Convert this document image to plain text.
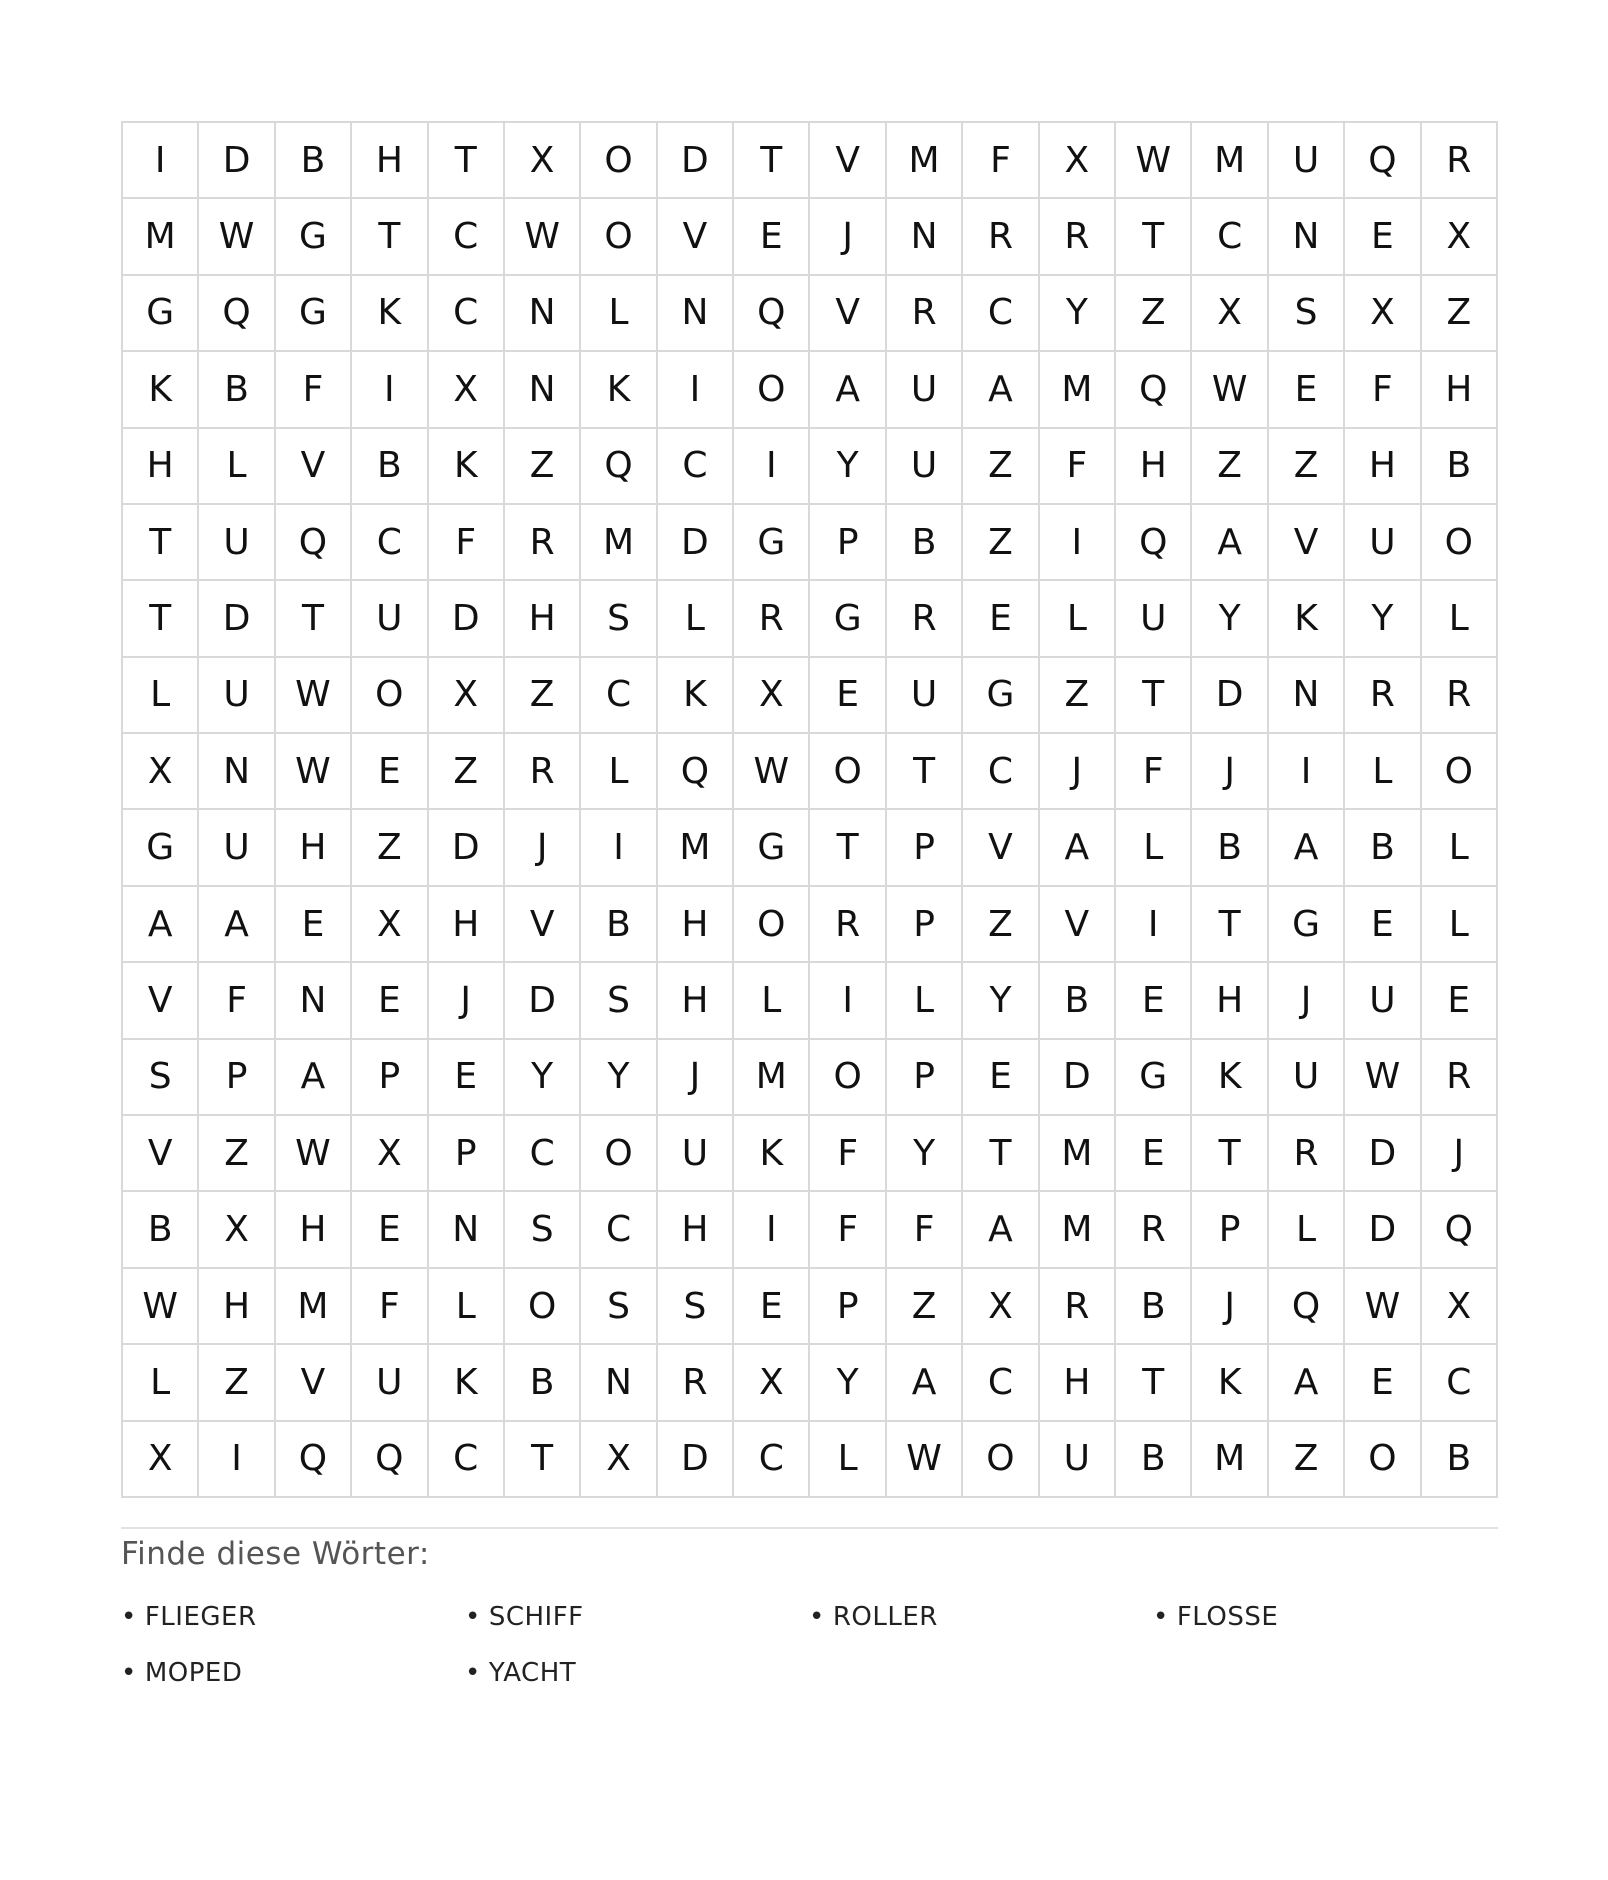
I	D	B	H	T	X	O	D	T	V	M	F	X	W	M	U	Q	R
M	W	G	T	C	W	O	V	E	J	N	R	R	T	C	N	E	X
G	Q	G	K	C	N	L	N	Q	V	R	C	Y	Z	X	S	X	Z
K	B	F	I	X	N	K	I	O	A	U	A	M	Q	W	E	F	H
H	L	V	B	K	Z	Q	C	I	Y	U	Z	F	H	Z	Z	H	B
T	U	Q	C	F	R	M	D	G	P	B	Z	I	Q	A	V	U	O
T	D	T	U	D	H	S	L	R	G	R	E	L	U	Y	K	Y	L
L	U	W	O	X	Z	C	K	X	E	U	G	Z	T	D	N	R	R
X	N	W	E	Z	R	L	Q	W	O	T	C	J	F	J	I	L	O
G	U	H	Z	D	J	I	M	G	T	P	V	A	L	B	A	B	L
A	A	E	X	H	V	B	H	O	R	P	Z	V	I	T	G	E	L
V	F	N	E	J	D	S	H	L	I	L	Y	B	E	H	J	U	E
S	P	A	P	E	Y	Y	J	M	O	P	E	D	G	K	U	W	R
V	Z	W	X	P	C	O	U	K	F	Y	T	M	E	T	R	D	J
B	X	H	E	N	S	C	H	I	F	F	A	M	R	P	L	D	Q
W	H	M	F	L	O	S	S	E	P	Z	X	R	B	J	Q	W	X
L	Z	V	U	K	B	N	R	X	Y	A	C	H	T	K	A	E	C
X	I	Q	Q	C	T	X	D	C	L	W	O	U	B	M	Z	O	B
Finde diese Wörter:
• FLIEGER	• SCHIFF	• ROLLER	• FLOSSE
• MOPED	• YACHT
